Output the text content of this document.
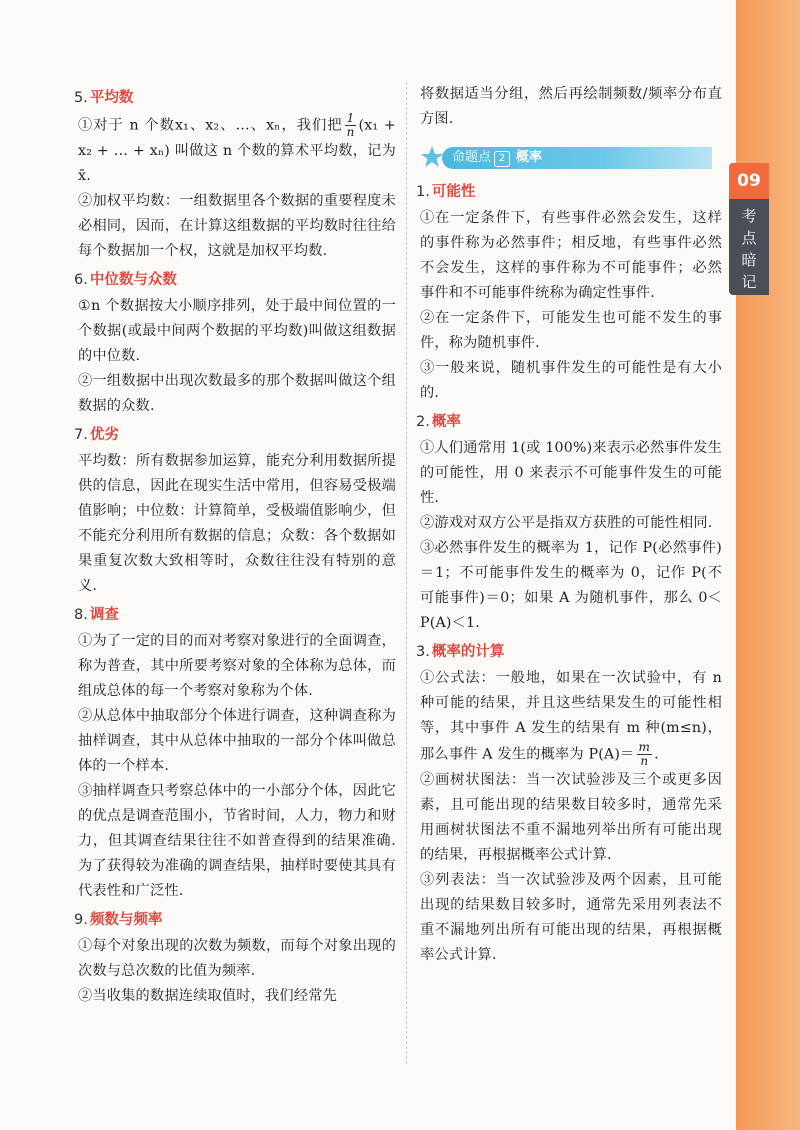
09
考点暗记
5. 平均数

①对于 n 个数x₁、x₂、…、xₙ，我们把 $\frac{1}{n} (x_1 + x_2$ + … + xₙ) 叫做这 n 个数的算术平均数，记为x̄.

②加权平均数：一组数据里各个数据的重要程度未必相同，因而，在计算这组数据的平均数时往往给每个数据加一个权，这就是加权平均数.

6. 中位数与众数

①n 个数据按大小顺序排列，处于最中间位置的一个数据(或最中间两个数据的平均数)叫做这组数据的中位数.

②一组数据中出现次数最多的那个数据叫做这个组数据的众数.

7. 优劣

平均数：所有数据参加运算，能充分利用数据所提供的信息，因此在现实生活中常用，但容易受极端值影响；中位数：计算简单，受极端值影响少，但不能充分利用所有数据的信息；众数：各个数据如果重复次数大致相等时，众数往往没有特别的意义.

8. 调查

①为了一定的目的而对考察对象进行的全面调查，称为普查，其中所要考察对象的全体称为总体，而组成总体的每一个考察对象称为个体.

②从总体中抽取部分个体进行调查，这种调查称为抽样调查，其中从总体中抽取的一部分个体叫做总体的一个样本.

③抽样调查只考察总体中的一小部分个体，因此它的优点是调查范围小，节省时间，人力，物力和财力，但其调查结果往往不如普查得到的结果准确. 为了获得较为准确的调查结果，抽样时要使其具有代表性和广泛性.

9. 频数与频率

①每个对象出现的次数为频数，而每个对象出现的次数与总次数的比值为频率.

②当收集的数据连续取值时，我们经常先

将数据适当分组，然后再绘制频数/频率分布直方图.

命题点 2 概率
1. 可能性

①在一定条件下，有些事件必然会发生，这样的事件称为必然事件；相反地，有些事件必然不会发生，这样的事件称为不可能事件；必然事件和不可能事件统称为确定性事件.

②在一定条件下，可能发生也可能不发生的事件，称为随机事件.

③一般来说，随机事件发生的可能性是有大小的.

2. 概率

①人们通常用 1(或 100%)来表示必然事件发生的可能性，用 0 来表示不可能事件发生的可能性.

②游戏对双方公平是指双方获胜的可能性相同.

③必然事件发生的概率为 1，记作 P(必然事件)＝1；不可能事件发生的概率为 0，记作 P(不可能事件)＝0；如果 A 为随机事件，那么 0＜P(A)＜1.

3. 概率的计算

①公式法：一般地，如果在一次试验中，有 n 种可能的结果，并且这些结果发生的可能性相等，其中事件 A 发生的结果有 m 种(m≤n)，那么事件 A 发生的概率为 $P(A)= \frac{m}{n}$ .

②画树状图法：当一次试验涉及三个或更多因素，且可能出现的结果数目较多时，通常先采用画树状图法不重不漏地列举出所有可能出现的结果，再根据概率公式计算.

③列表法：当一次试验涉及两个因素，且可能出现的结果数目较多时，通常先采用列表法不重不漏地列出所有可能出现的结果，再根据概率公式计算.
